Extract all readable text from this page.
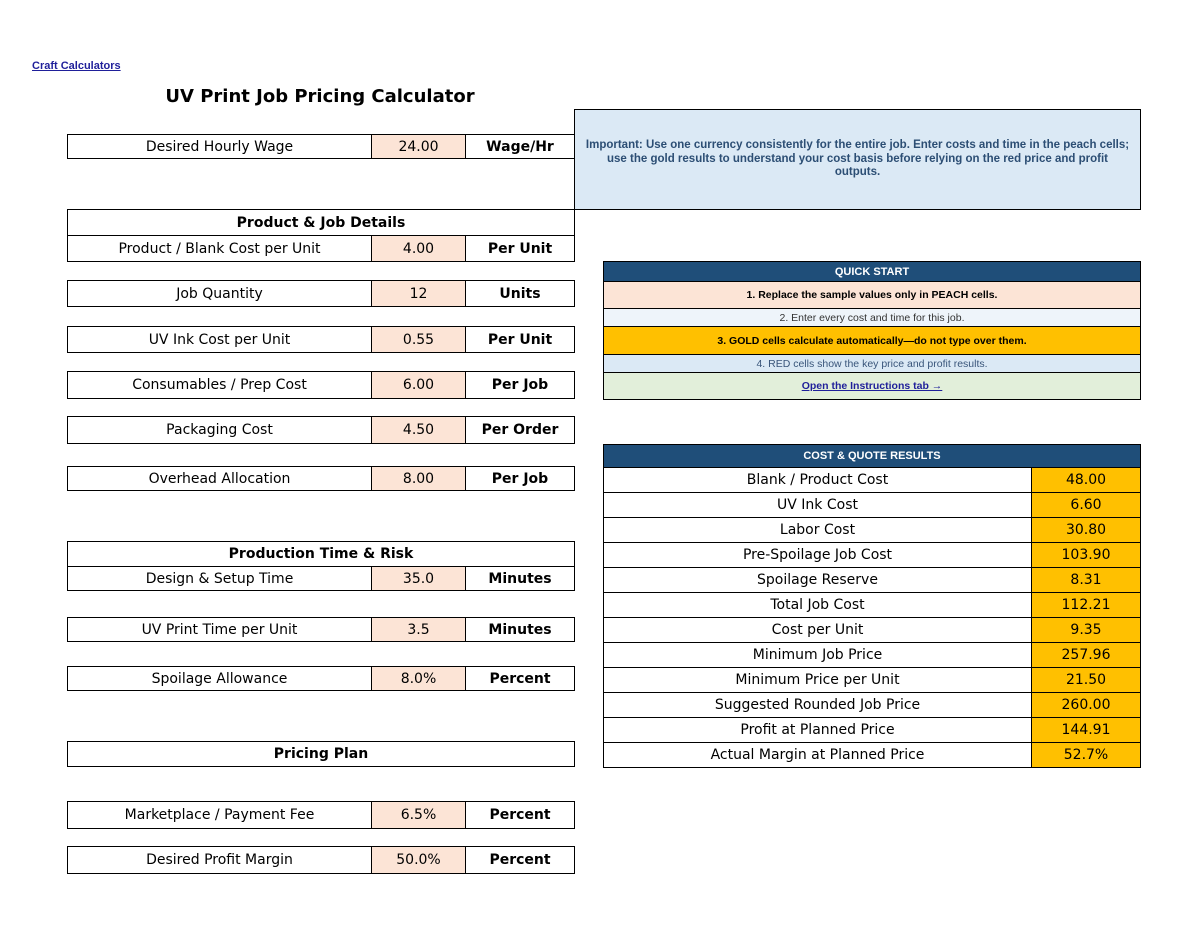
Craft Calculators
UV Print Job Pricing Calculator
Desired Hourly Wage	24.00	Wage/Hr	Important: Use one currency consistently for the entire job. Enter costs and time in the peach cells; use the gold results to understand your cost basis before relying on the red price and profit outputs.
Product & Job Details
Product / Blank Cost per Unit	4.00	Per Unit
Job Quantity	12	Units
UV Ink Cost per Unit	0.55	Per Unit
Consumables / Prep Cost	6.00	Per Job
Packaging Cost	4.50	Per Order
Overhead Allocation	8.00	Per Job
Production Time & Risk
Design & Setup Time	35.0	Minutes
UV Print Time per Unit	3.5	Minutes
Spoilage Allowance	8.0%	Percent
Pricing Plan
Marketplace / Payment Fee	6.5%	Percent
Desired Profit Margin	50.0%	Percent
QUICK START
1. Replace the sample values only in PEACH cells.
2. Enter every cost and time for this job.
3. GOLD cells calculate automatically—do not type over them.
4. RED cells show the key price and profit results.
Open the Instructions tab →
COST & QUOTE RESULTS
Blank / Product Cost	48.00
UV Ink Cost	6.60
Labor Cost	30.80
Pre-Spoilage Job Cost	103.90
Spoilage Reserve	8.31
Total Job Cost	112.21
Cost per Unit	9.35
Minimum Job Price	257.96
Minimum Price per Unit	21.50
Suggested Rounded Job Price	260.00
Profit at Planned Price	144.91
Actual Margin at Planned Price	52.7%
